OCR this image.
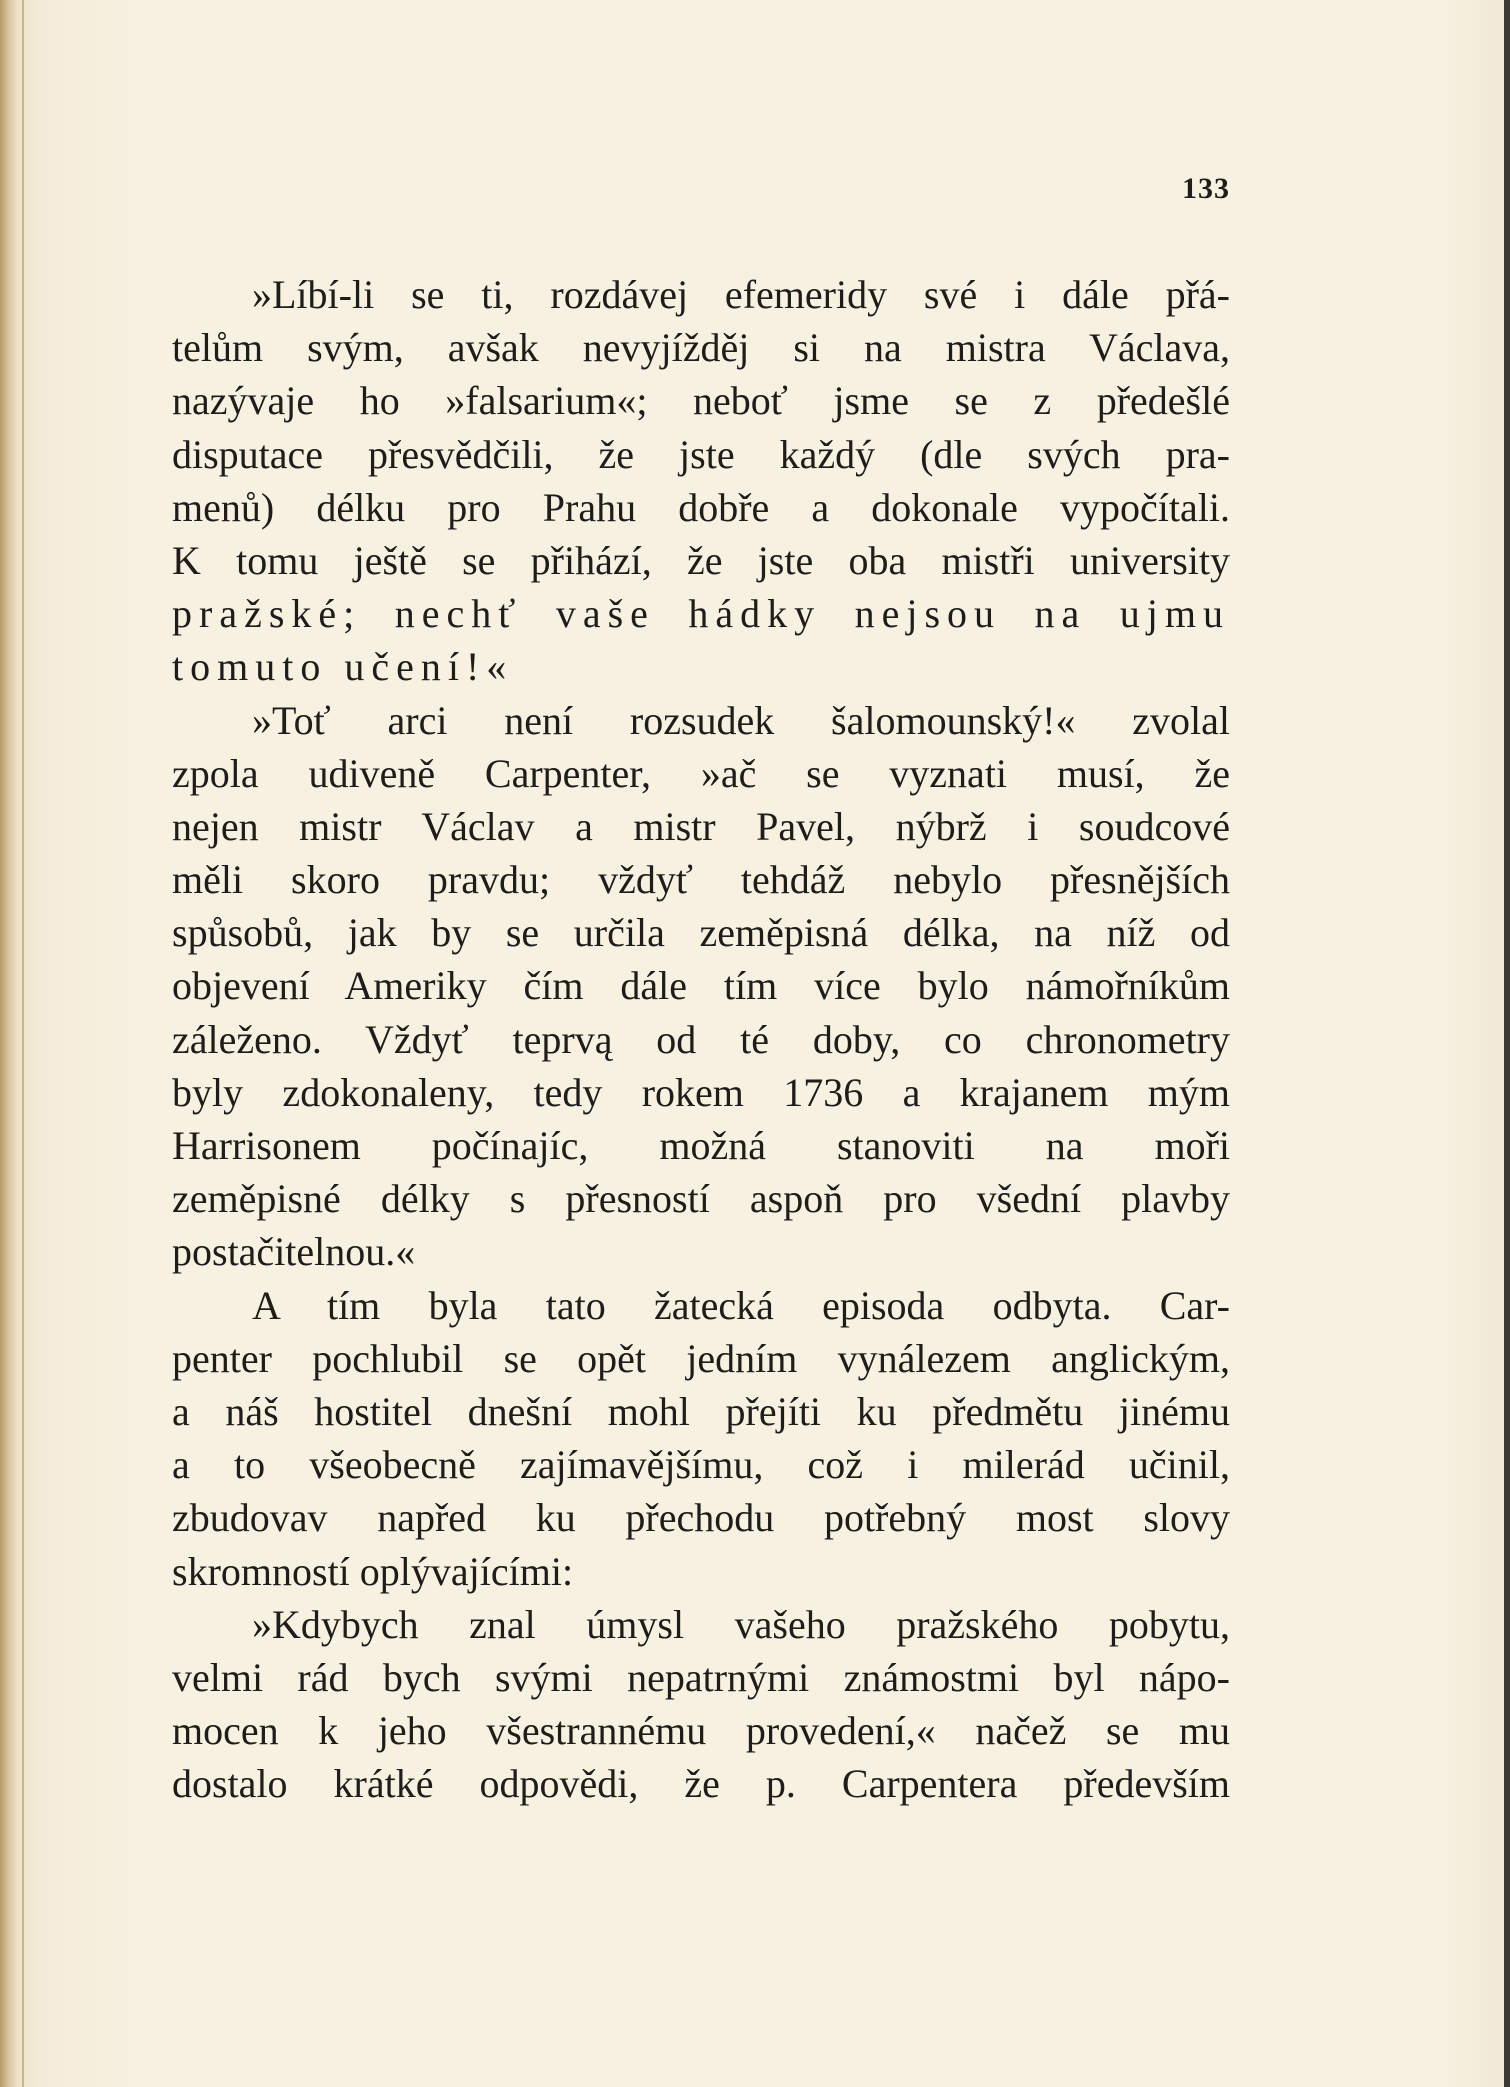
133
»Líbí-li se ti, rozdávej efemeridy své i dále přá-
telům svým, avšak nevyjížděj si na mistra Václava,
nazývaje ho »falsarium«; neboť jsme se z předešlé
disputace přesvědčili, že jste každý (dle svých pra-
menů) délku pro Prahu dobře a dokonale vypočítali.
K tomu ještě se přihází, že jste oba mistři university
pražské; nechť vaše hádky nejsou na ujmu
tomuto učení!«
»Toť arci není rozsudek šalomounský!« zvolal
zpola udiveně Carpenter, »ač se vyznati musí, že
nejen mistr Václav a mistr Pavel, nýbrž i soudcové
měli skoro pravdu; vždyť tehdáž nebylo přesnějších
spůsobů, jak by se určila zeměpisná délka, na níž od
objevení Ameriky čím dále tím více bylo námořníkům
záleženo. Vždyť teprvą od té doby, co chronometry
byly zdokonaleny, tedy rokem 1736 a krajanem mým
Harrisonem počínajíc, možná stanoviti na moři
zeměpisné délky s přesností aspoň pro všední plavby
postačitelnou.«
A tím byla tato žatecká episoda odbyta. Car-
penter pochlubil se opět jedním vynálezem anglickým,
a náš hostitel dnešní mohl přejíti ku předmětu jinému
a to všeobecně zajímavějšímu, což i milerád učinil,
zbudovav napřed ku přechodu potřebný most slovy
skromností oplývajícími:
»Kdybych znal úmysl vašeho pražského pobytu,
velmi rád bych svými nepatrnými známostmi byl nápo-
mocen k jeho všestrannému provedení,« načež se mu
dostalo krátké odpovědi, že p. Carpentera především
